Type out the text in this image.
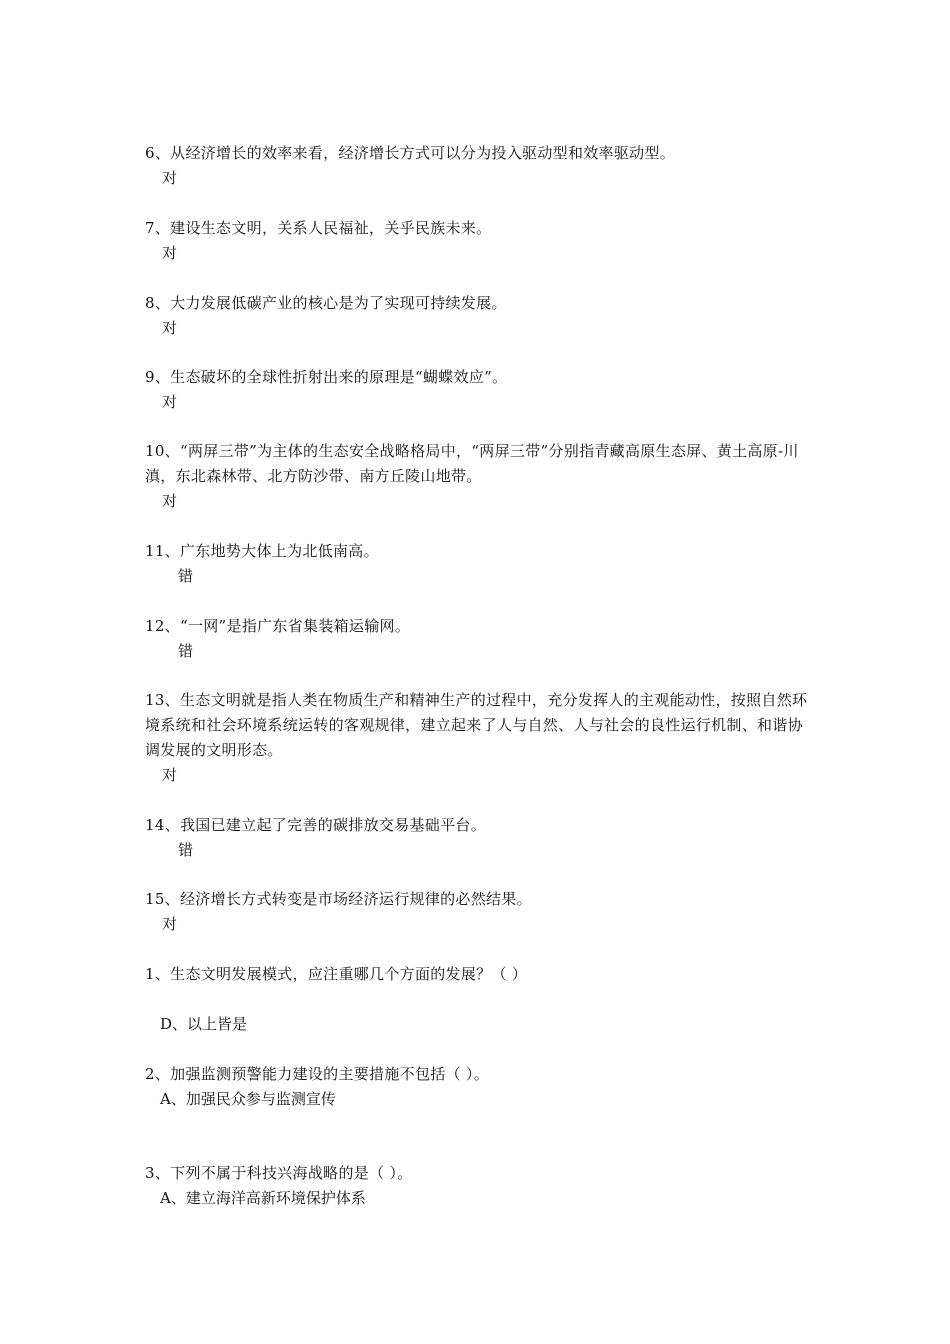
6、从经济增长的效率来看，经济增长方式可以分为投入驱动型和效率驱动型。

对

7、建设生态文明，关系人民福祉，关乎民族未来。

对

8、大力发展低碳产业的核心是为了实现可持续发展。

对

9、生态破坏的全球性折射出来的原理是“蝴蝶效应”。

对

10、“两屏三带”为主体的生态安全战略格局中，“两屏三带”分别指青藏高原生态屏、黄土高原-川滇，东北森林带、北方防沙带、南方丘陵山地带。

对

11、广东地势大体上为北低南高。

错

12、“一网”是指广东省集装箱运输网。

错

13、生态文明就是指人类在物质生产和精神生产的过程中，充分发挥人的主观能动性，按照自然环境系统和社会环境系统运转的客观规律，建立起来了人与自然、人与社会的良性运行机制、和谐协调发展的文明形态。

对

14、我国已建立起了完善的碳排放交易基础平台。

错

15、经济增长方式转变是市场经济运行规律的必然结果。

对

1、生态文明发展模式，应注重哪几个方面的发展？（ ）

D、以上皆是

2、加强监测预警能力建设的主要措施不包括（ ）。

A、加强民众参与监测宣传

3、下列不属于科技兴海战略的是（ ）。

A、建立海洋高新环境保护体系
